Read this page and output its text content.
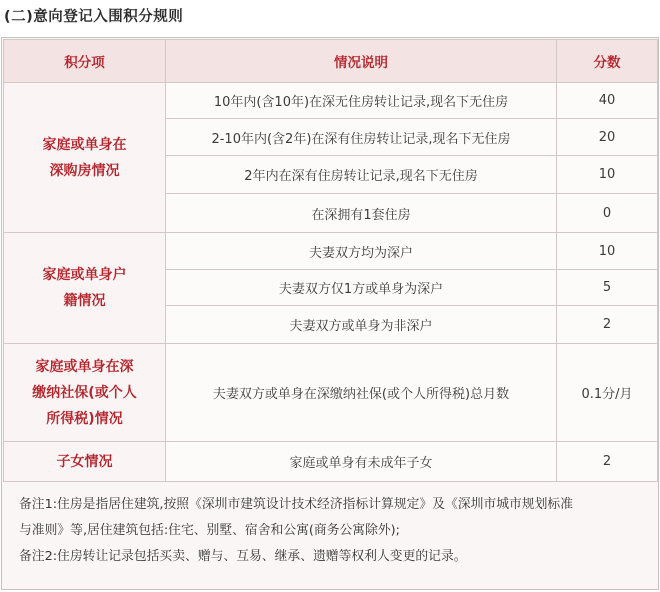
(二)意向登记入围积分规则
积分项	情况说明	分数

家庭或单身在
深购房情况	10年内(含10年)在深无住房转让记录,现名下无住房	40
	2-10年内(含2年)在深有住房转让记录,现名下无住房	20
	2年内在深有住房转让记录,现名下无住房	10
	在深拥有1套住房	0

家庭或单身户
籍情况	夫妻双方均为深户	10
	夫妻双方仅1方或单身为深户	5
	夫妻双方或单身为非深户	2

家庭或单身在深
缴纳社保(或个人
所得税)情况	夫妻双方或单身在深缴纳社保(或个人所得税)总月数	0.1分/月

子女情况	家庭或单身有未成年子女	2

备注1:住房是指居住建筑,按照《深圳市建筑设计技术经济指标计算规定》及《深圳市城市规划标准

与准则》等,居住建筑包括:住宅、别墅、宿舍和公寓(商务公寓除外);

备注2:住房转让记录包括买卖、赠与、互易、继承、遗赠等权利人变更的记录。
